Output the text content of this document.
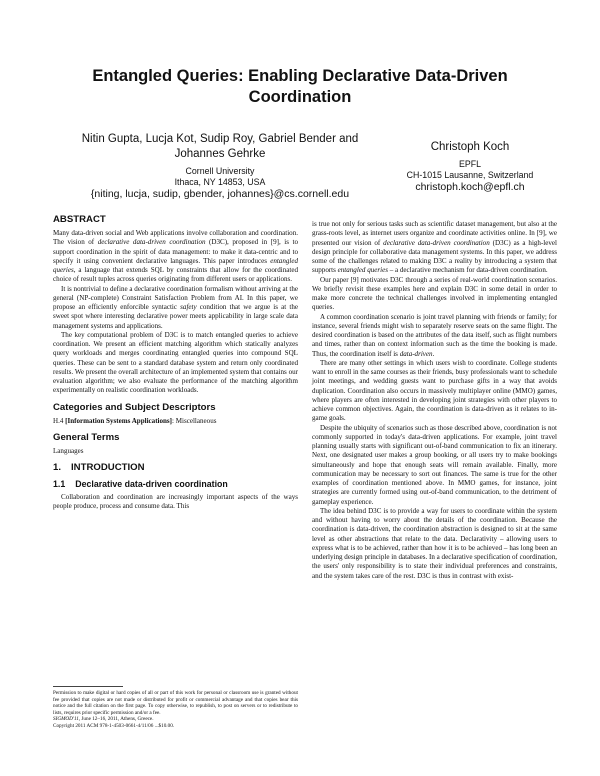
Entangled Queries: Enabling Declarative Data-Driven Coordination

Nitin Gupta, Lucja Kot, Sudip Roy, Gabriel Bender and Johannes Gehrke

Cornell University

Ithaca, NY 14853, USA

{niting, lucja, sudip, gbender, johannes}@cs.cornell.edu

Christoph Koch

EPFL

CH-1015 Lausanne, Switzerland

christoph.koch@epfl.ch

ABSTRACT

Many data-driven social and Web applications involve collaboration and coordination. The vision of declarative data-driven coordination (D3C), proposed in [9], is to support coordination in the spirit of data management: to make it data-centric and to specify it using convenient declarative languages. This paper introduces entangled queries, a language that extends SQL by constraints that allow for the coordinated choice of result tuples across queries originating from different users or applications.

It is nontrivial to define a declarative coordination formalism without arriving at the general (NP-complete) Constraint Satisfaction Problem from AI. In this paper, we propose an efficiently enforcible syntactic safety condition that we argue is at the sweet spot where interesting declarative power meets applicability in large scale data management systems and applications.

The key computational problem of D3C is to match entangled queries to achieve coordination. We present an efficient matching algorithm which statically analyzes query workloads and merges coordinating entangled queries into compound SQL queries. These can be sent to a standard database system and return only coordinated results. We present the overall architecture of an implemented system that contains our evaluation algorithm; we also evaluate the performance of the matching algorithm experimentally on realistic coordination workloads.

Categories and Subject Descriptors

H.4 [Information Systems Applications]: Miscellaneous

General Terms

Languages

1. INTRODUCTION
1.1 Declarative data-driven coordination

Collaboration and coordination are increasingly important aspects of the ways people produce, process and consume data. This

Permission to make digital or hard copies of all or part of this work for personal or classroom use is granted without fee provided that copies are not made or distributed for profit or commercial advantage and that copies bear this notice and the full citation on the first page. To copy otherwise, to republish, to post on servers or to redistribute to lists, requires prior specific permission and/or a fee.

SIGMOD'11, June 12–16, 2011, Athens, Greece.

Copyright 2011 ACM 978-1-4503-0661-4/11/06 ...$10.00.

is true not only for serious tasks such as scientific dataset management, but also at the grass-roots level, as internet users organize and coordinate activities online. In [9], we presented our vision of declarative data-driven coordination (D3C) as a high-level design principle for collaborative data management systems. In this paper, we address some of the challenges related to making D3C a reality by introducing a system that supports entangled queries – a declarative mechanism for data-driven coordination.

Our paper [9] motivates D3C through a series of real-world coordination scenarios. We briefly revisit these examples here and explain D3C in some detail in order to make more concrete the technical challenges involved in implementing entangled queries.

A common coordination scenario is joint travel planning with friends or family; for instance, several friends might wish to separately reserve seats on the same flight. The desired coordination is based on the attributes of the data itself, such as flight numbers and times, rather than on context information such as the time the booking is made. Thus, the coordination itself is data-driven.

There are many other settings in which users wish to coordinate. College students want to enroll in the same courses as their friends, busy professionals want to schedule joint meetings, and wedding guests want to purchase gifts in a way that avoids duplication. Coordination also occurs in massively multiplayer online (MMO) games, where players are often interested in developing joint strategies with other players to achieve common objectives. Again, the coordination is data-driven as it relates to in-game goals.

Despite the ubiquity of scenarios such as those described above, coordination is not commonly supported in today's data-driven applications. For example, joint travel planning usually starts with significant out-of-band communication to fix an itinerary. Next, one designated user makes a group booking, or all users try to make bookings simultaneously and hope that enough seats will remain available. Finally, more communication may be necessary to sort out finances. The same is true for the other examples of coordination mentioned above. In MMO games, for instance, joint strategies are currently formed using out-of-band communication, to the detriment of gameplay experience.

The idea behind D3C is to provide a way for users to coordinate within the system and without having to worry about the details of the coordination. Because the coordination is data-driven, the coordination abstraction is designed to sit at the same level as other abstractions that relate to the data. Declarativity – allowing users to express what is to be achieved, rather than how it is to be achieved – has long been an underlying design principle in databases. In a declarative specification of coordination, the users' only responsibility is to state their individual preferences and constraints, and the system takes care of the rest. D3C is thus in contrast with exist-
